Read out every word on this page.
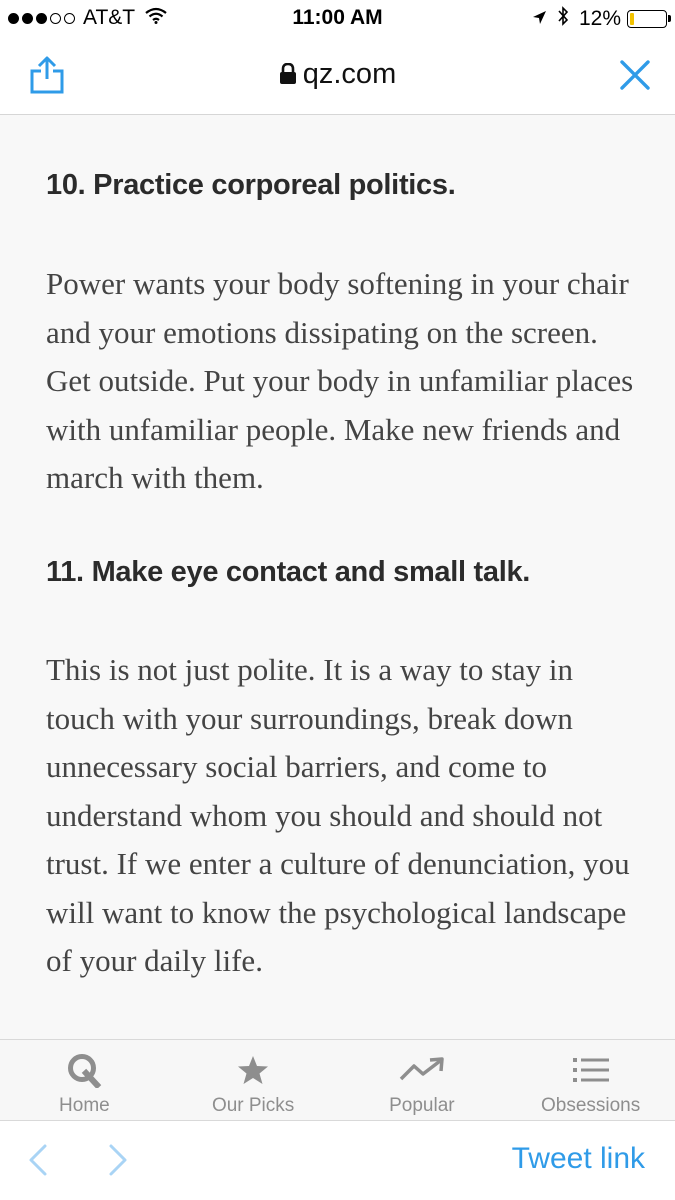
AT&T	11:00 AM	12%
qz.com
10. Practice corporeal politics.

Power wants your body softening in your chair and your emotions dissipating on the screen. Get outside. Put your body in unfamiliar places with unfamiliar people. Make new friends and march with them.

11. Make eye contact and small talk.

This is not just polite. It is a way to stay in touch with your surroundings, break down unnecessary social barriers, and come to understand whom you should and should not trust. If we enter a culture of denunciation, you will want to know the psychological landscape of your daily life.

Home	Our Picks	Popular	Obsessions
Tweet link
